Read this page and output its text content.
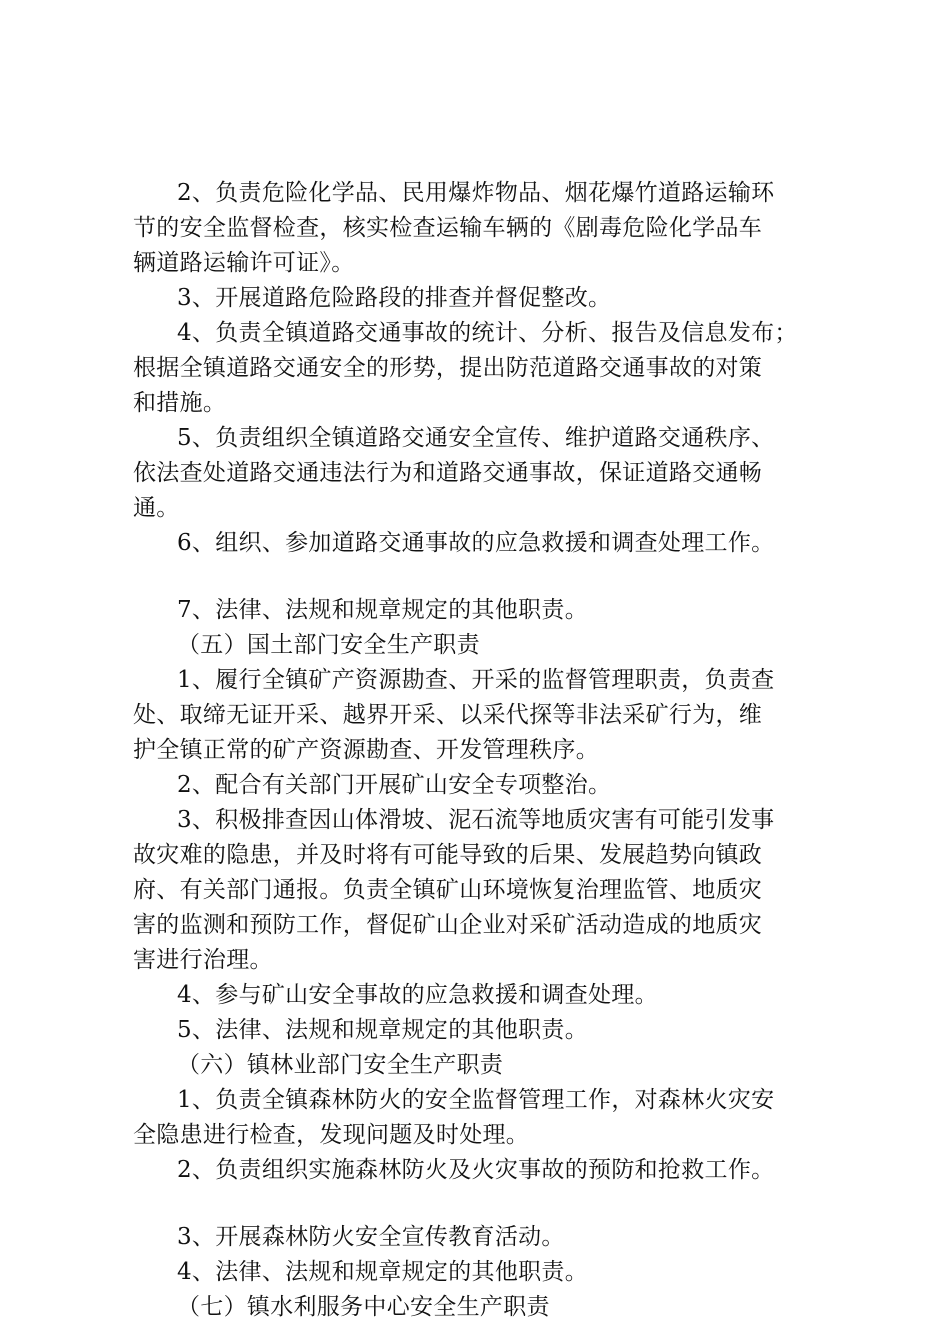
2、负责危险化学品、民用爆炸物品、烟花爆竹道路运输环
节的安全监督检查，核实检查运输车辆的《剧毒危险化学品车
辆道路运输许可证》。
3、开展道路危险路段的排查并督促整改。
4、负责全镇道路交通事故的统计、分析、报告及信息发布；
根据全镇道路交通安全的形势，提出防范道路交通事故的对策
和措施。
5、负责组织全镇道路交通安全宣传、维护道路交通秩序、
依法查处道路交通违法行为和道路交通事故，保证道路交通畅
通。
6、组织、参加道路交通事故的应急救援和调查处理工作。
7、法律、法规和规章规定的其他职责。
（五）国土部门安全生产职责
1、履行全镇矿产资源勘查、开采的监督管理职责，负责查
处、取缔无证开采、越界开采、以采代探等非法采矿行为，维
护全镇正常的矿产资源勘查、开发管理秩序。
2、配合有关部门开展矿山安全专项整治。
3、积极排查因山体滑坡、泥石流等地质灾害有可能引发事
故灾难的隐患，并及时将有可能导致的后果、发展趋势向镇政
府、有关部门通报。负责全镇矿山环境恢复治理监管、地质灾
害的监测和预防工作，督促矿山企业对采矿活动造成的地质灾
害进行治理。
4、参与矿山安全事故的应急救援和调查处理。
5、法律、法规和规章规定的其他职责。
（六）镇林业部门安全生产职责
1、负责全镇森林防火的安全监督管理工作，对森林火灾安
全隐患进行检查，发现问题及时处理。
2、负责组织实施森林防火及火灾事故的预防和抢救工作。
3、开展森林防火安全宣传教育活动。
4、法律、法规和规章规定的其他职责。
（七）镇水利服务中心安全生产职责
